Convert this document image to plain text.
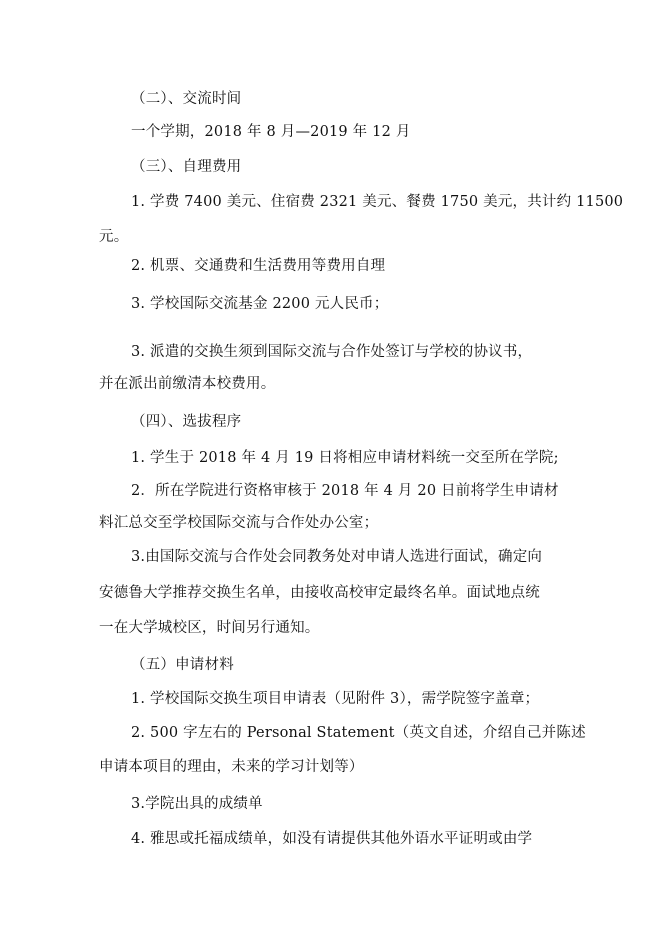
（二）、交流时间
一个学期，2018 年 8 月—2019 年 12 月
（三）、自理费用
1. 学费 7400 美元、住宿费 2321 美元、餐费 1750 美元，共计约 11500
元。
2. 机票、交通费和生活费用等费用自理
3. 学校国际交流基金 2200 元人民币；
3. 派遣的交换生须到国际交流与合作处签订与学校的协议书，
并在派出前缴清本校费用。
（四）、选拔程序
1. 学生于 2018 年 4 月 19 日将相应申请材料统一交至所在学院;
2．所在学院进行资格审核于 2018 年 4 月 20 日前将学生申请材
料汇总交至学校国际交流与合作处办公室；
3.由国际交流与合作处会同教务处对申请人选进行面试，确定向
安德鲁大学推荐交换生名单，由接收高校审定最终名单。面试地点统
一在大学城校区，时间另行通知。
（五）申请材料
1. 学校国际交换生项目申请表（见附件 3），需学院签字盖章；
2. 500 字左右的 Personal Statement（英文自述，介绍自己并陈述
申请本项目的理由，未来的学习计划等）
3.学院出具的成绩单
4. 雅思或托福成绩单，如没有请提供其他外语水平证明或由学
